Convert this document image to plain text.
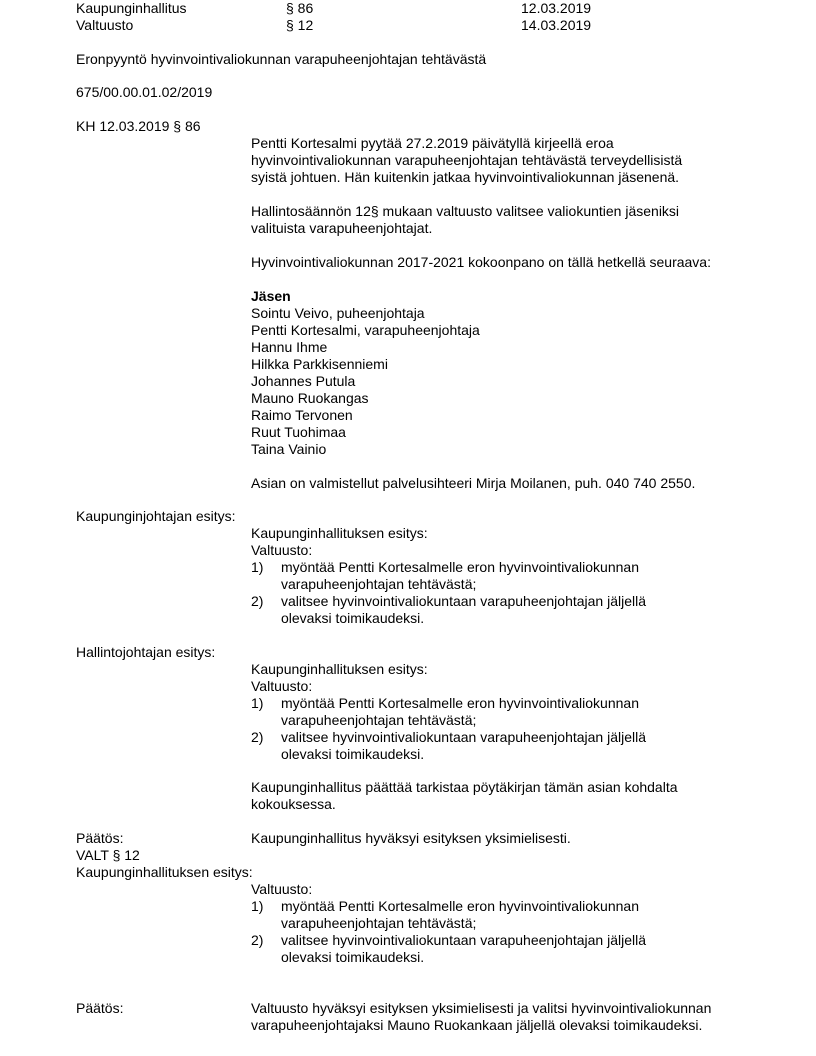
Kaupunginhallitus	§ 86	12.03.2019
Valtuusto	§ 12	14.03.2019
Eronpyyntö hyvinvointivaliokunnan varapuheenjohtajan tehtävästä
675/00.00.01.02/2019
KH 12.03.2019 § 86

Pentti Kortesalmi pyytää 27.2.2019 päivätyllä kirjeellä eroa

hyvinvointivaliokunnan varapuheenjohtajan tehtävästä terveydellisistä

syistä johtuen. Hän kuitenkin jatkaa hyvinvointivaliokunnan jäsenenä.

Hallintosäännön 12§ mukaan valtuusto valitsee valiokuntien jäseniksi

valituista varapuheenjohtajat.

Hyvinvointivaliokunnan 2017-2021 kokoonpano on tällä hetkellä seuraava:

Jäsen

Sointu Veivo, puheenjohtaja

Pentti Kortesalmi, varapuheenjohtaja

Hannu Ihme

Hilkka Parkkisenniemi

Johannes Putula

Mauno Ruokangas

Raimo Tervonen

Ruut Tuohimaa

Taina Vainio

Asian on valmistellut palvelusihteeri Mirja Moilanen, puh. 040 740 2550.
Kaupunginjohtajan esitys:

Kaupunginhallituksen esitys:

Valtuusto:

1)	myöntää Pentti Kortesalmelle eron hyvinvointivaliokunnan

varapuheenjohtajan tehtävästä;

2)	valitsee hyvinvointivaliokuntaan varapuheenjohtajan jäljellä

olevaksi toimikaudeksi.

Hallintojohtajan esitys:

Kaupunginhallituksen esitys:

Valtuusto:

1)	myöntää Pentti Kortesalmelle eron hyvinvointivaliokunnan

varapuheenjohtajan tehtävästä;

2)	valitsee hyvinvointivaliokuntaan varapuheenjohtajan jäljellä

olevaksi toimikaudeksi.

Kaupunginhallitus päättää tarkistaa pöytäkirjan tämän asian kohdalta

kokouksessa.

Päätös:	Kaupunginhallitus hyväksyi esityksen yksimielisesti.
VALT § 12
Kaupunginhallituksen esitys:

Valtuusto:

1)	myöntää Pentti Kortesalmelle eron hyvinvointivaliokunnan

varapuheenjohtajan tehtävästä;

2)	valitsee hyvinvointivaliokuntaan varapuheenjohtajan jäljellä

olevaksi toimikaudeksi.

Päätös:	Valtuusto hyväksyi esityksen yksimielisesti ja valitsi hyvinvointivaliokunnan

varapuheenjohtajaksi Mauno Ruokankaan jäljellä olevaksi toimikaudeksi.
